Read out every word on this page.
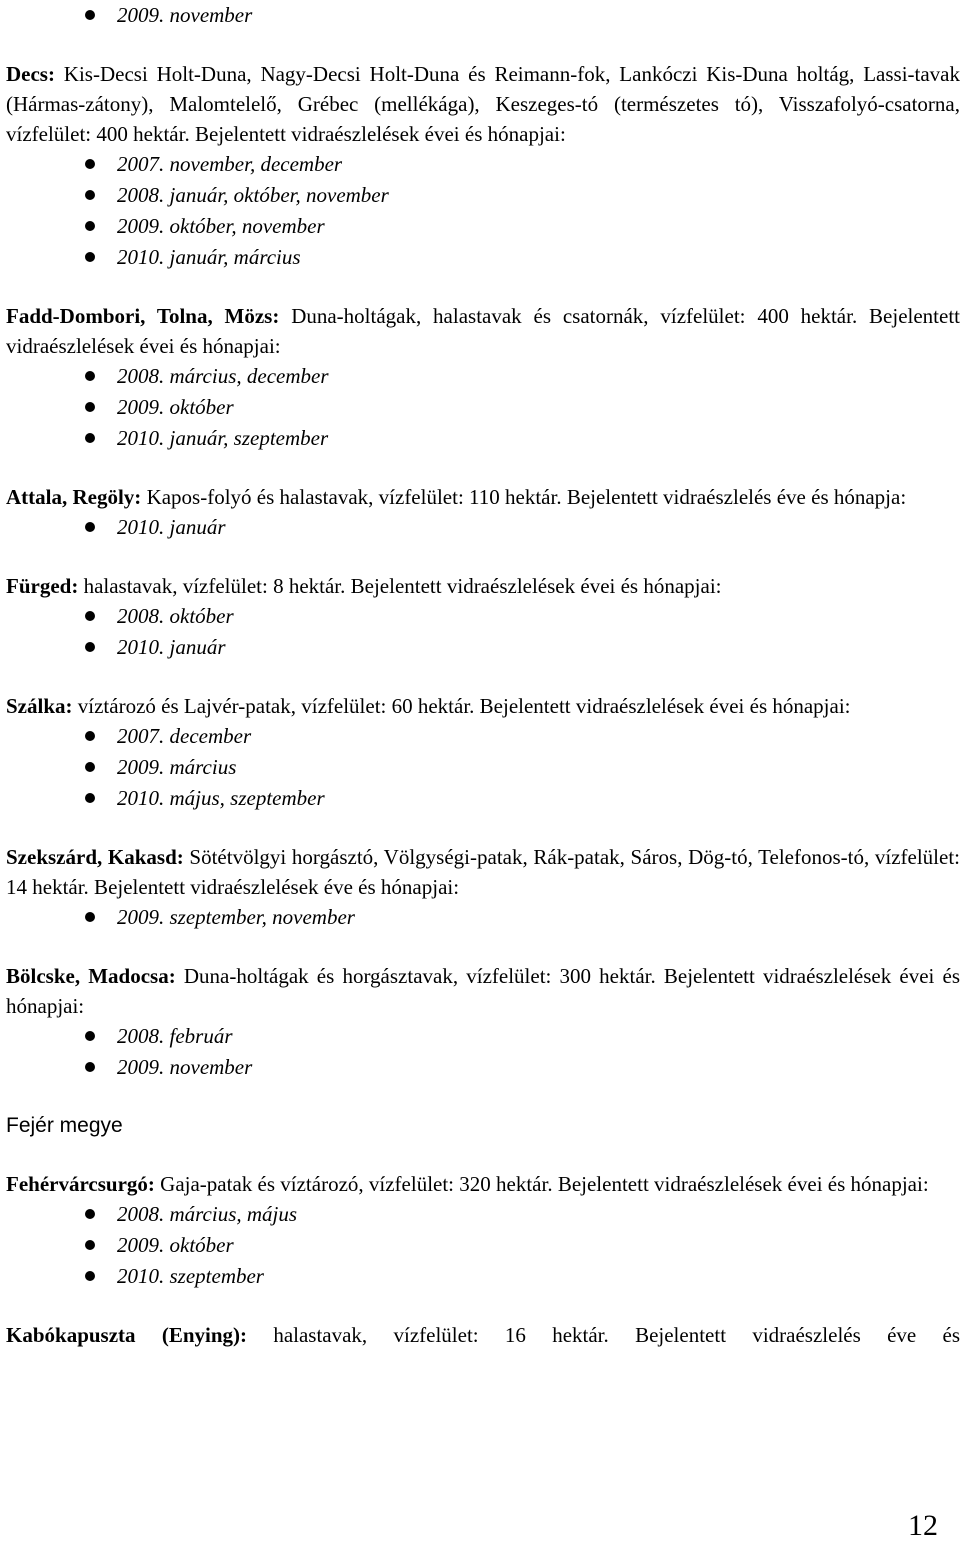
2009. november

Decs: Kis-Decsi Holt-Duna, Nagy-Decsi Holt-Duna és Reimann-fok, Lankóczi Kis-Duna holtág, Lassi-tavak (Hármas-zátony), Malomtelelő, Grébec (mellékága), Keszeges-tó (természetes tó), Visszafolyó-csatorna, vízfelület: 400 hektár. Bejelentett vidraészlelések évei és hónapjai:

2007. november, december
2008. január, október, november
2009. október, november
2010. január, március

Fadd-Dombori, Tolna, Mözs: Duna-holtágak, halastavak és csatornák, vízfelület: 400 hektár. Bejelentett vidraészlelések évei és hónapjai:

2008. március, december
2009. október
2010. január, szeptember

Attala, Regöly: Kapos-folyó és halastavak, vízfelület: 110 hektár. Bejelentett vidraészlelés éve és hónapja:

2010. január

Fürged: halastavak, vízfelület: 8 hektár. Bejelentett vidraészlelések évei és hónapjai:

2008. október
2010. január

Szálka: víztározó és Lajvér-patak, vízfelület: 60 hektár. Bejelentett vidraészlelések évei és hónapjai:

2007. december
2009. március
2010. május, szeptember

Szekszárd, Kakasd: Sötétvölgyi horgásztó, Völgységi-patak, Rák-patak, Sáros, Dög-tó, Telefonos-tó, vízfelület: 14 hektár. Bejelentett vidraészlelések éve és hónapjai:

2009. szeptember, november

Bölcske, Madocsa: Duna-holtágak és horgásztavak, vízfelület: 300 hektár. Bejelentett vidraészlelések évei és hónapjai:

2008. február
2009. november

Fejér megye

Fehérvárcsurgó: Gaja-patak és víztározó, vízfelület: 320 hektár. Bejelentett vidraészlelések évei és hónapjai:

2008. március, május
2009. október
2010. szeptember

Kabókapuszta (Enying): halastavak, vízfelület: 16 hektár. Bejelentett vidraészlelés éve és

12
